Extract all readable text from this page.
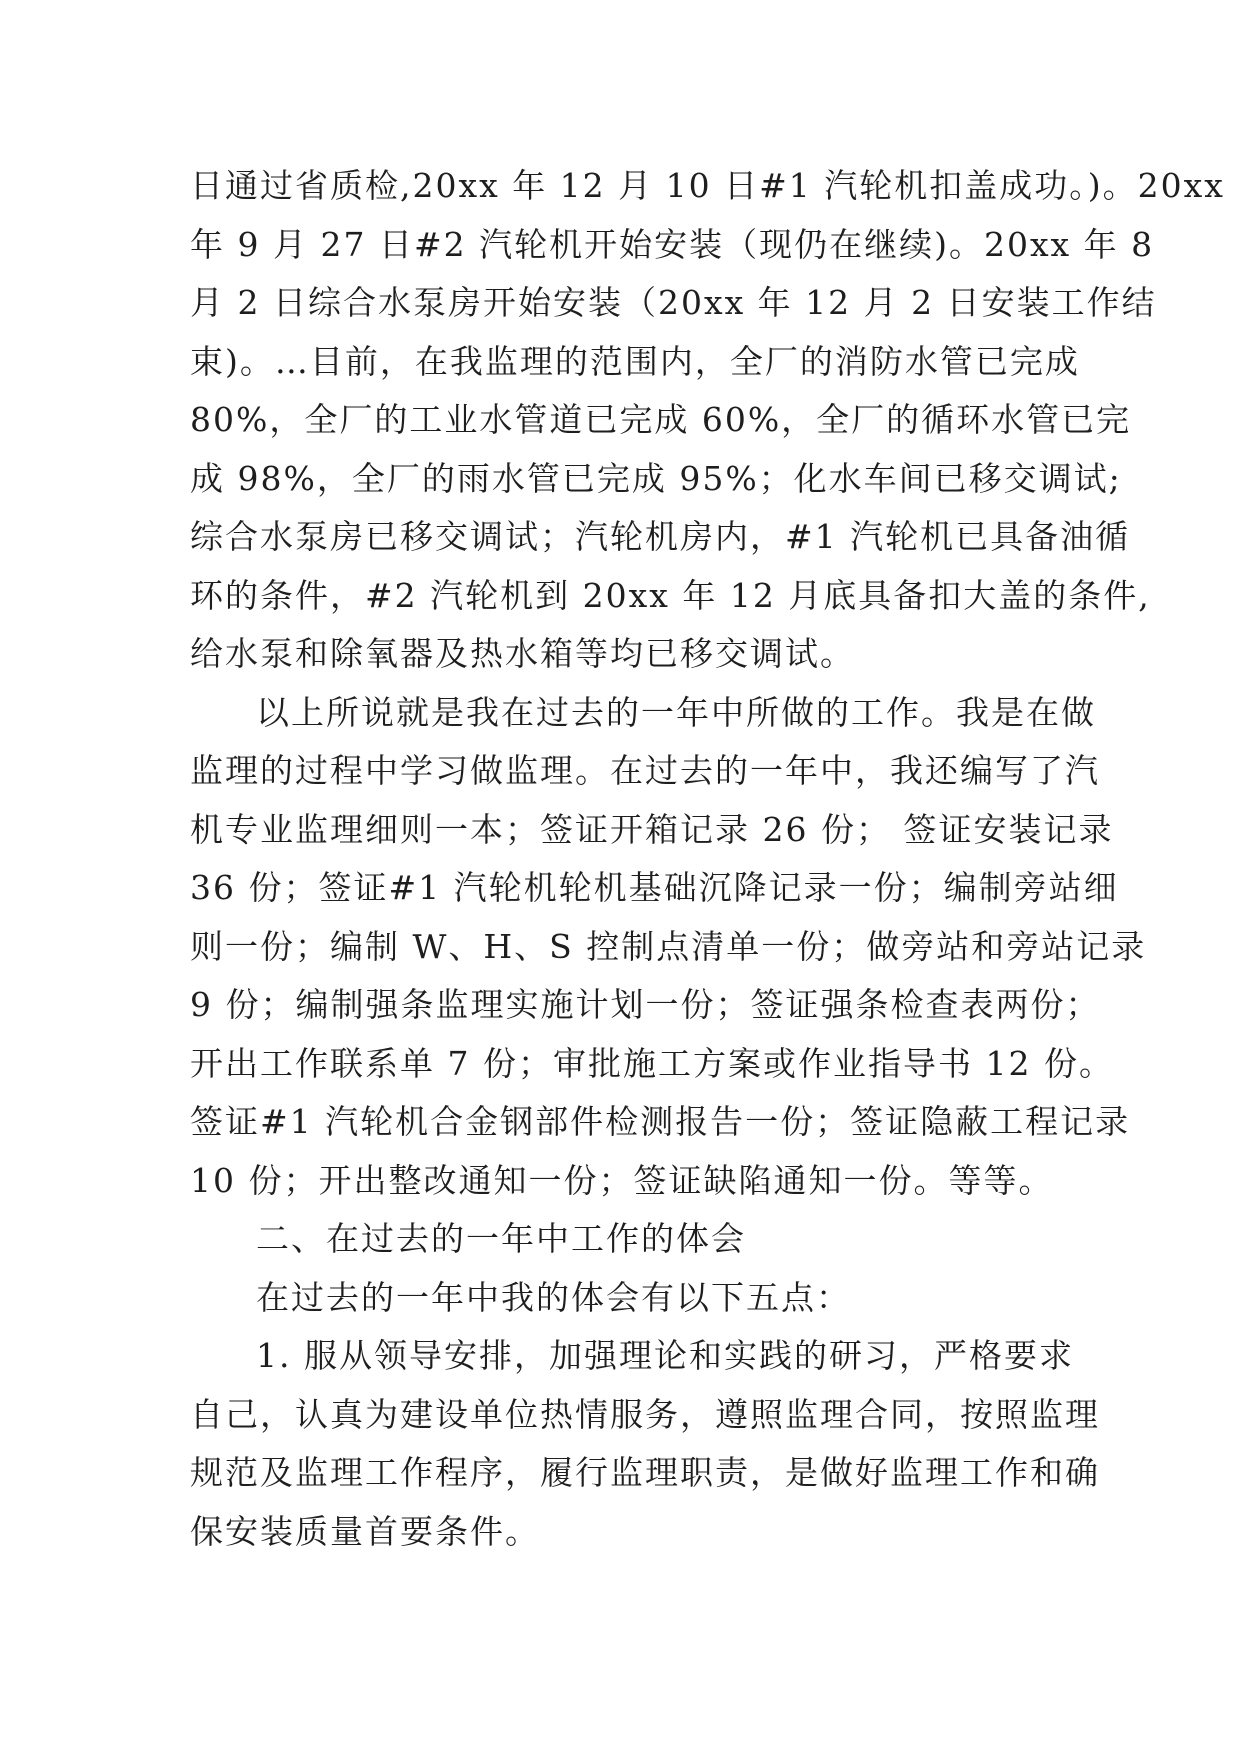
日通过省质检,20xx 年 12 月 10 日#1 汽轮机扣盖成功。)。20xx
年 9 月 27 日#2 汽轮机开始安装（现仍在继续)。20xx 年 8
月 2 日综合水泵房开始安装（20xx 年 12 月 2 日安装工作结
束)。…目前，在我监理的范围内，全厂的消防水管已完成
80%，全厂的工业水管道已完成 60%，全厂的循环水管已完
成 98%，全厂的雨水管已完成 95%；化水车间已移交调试;
综合水泵房已移交调试；汽轮机房内，#1 汽轮机已具备油循
环的条件，#2 汽轮机到 20xx 年 12 月底具备扣大盖的条件,
给水泵和除氧器及热水箱等均已移交调试。
以上所说就是我在过去的一年中所做的工作。我是在做
监理的过程中学习做监理。在过去的一年中，我还编写了汽
机专业监理细则一本；签证开箱记录 26 份； 签证安装记录
36 份；签证#1 汽轮机轮机基础沉降记录一份；编制旁站细
则一份；编制 W、H、S 控制点清单一份；做旁站和旁站记录
9 份；编制强条监理实施计划一份；签证强条检查表两份；
开出工作联系单 7 份；审批施工方案或作业指导书 12 份。
签证#1 汽轮机合金钢部件检测报告一份；签证隐蔽工程记录
10 份；开出整改通知一份；签证缺陷通知一份。等等。
二、在过去的一年中工作的体会
在过去的一年中我的体会有以下五点：
1. 服从领导安排，加强理论和实践的研习，严格要求
自己，认真为建设单位热情服务，遵照监理合同，按照监理
规范及监理工作程序，履行监理职责，是做好监理工作和确
保安装质量首要条件。
